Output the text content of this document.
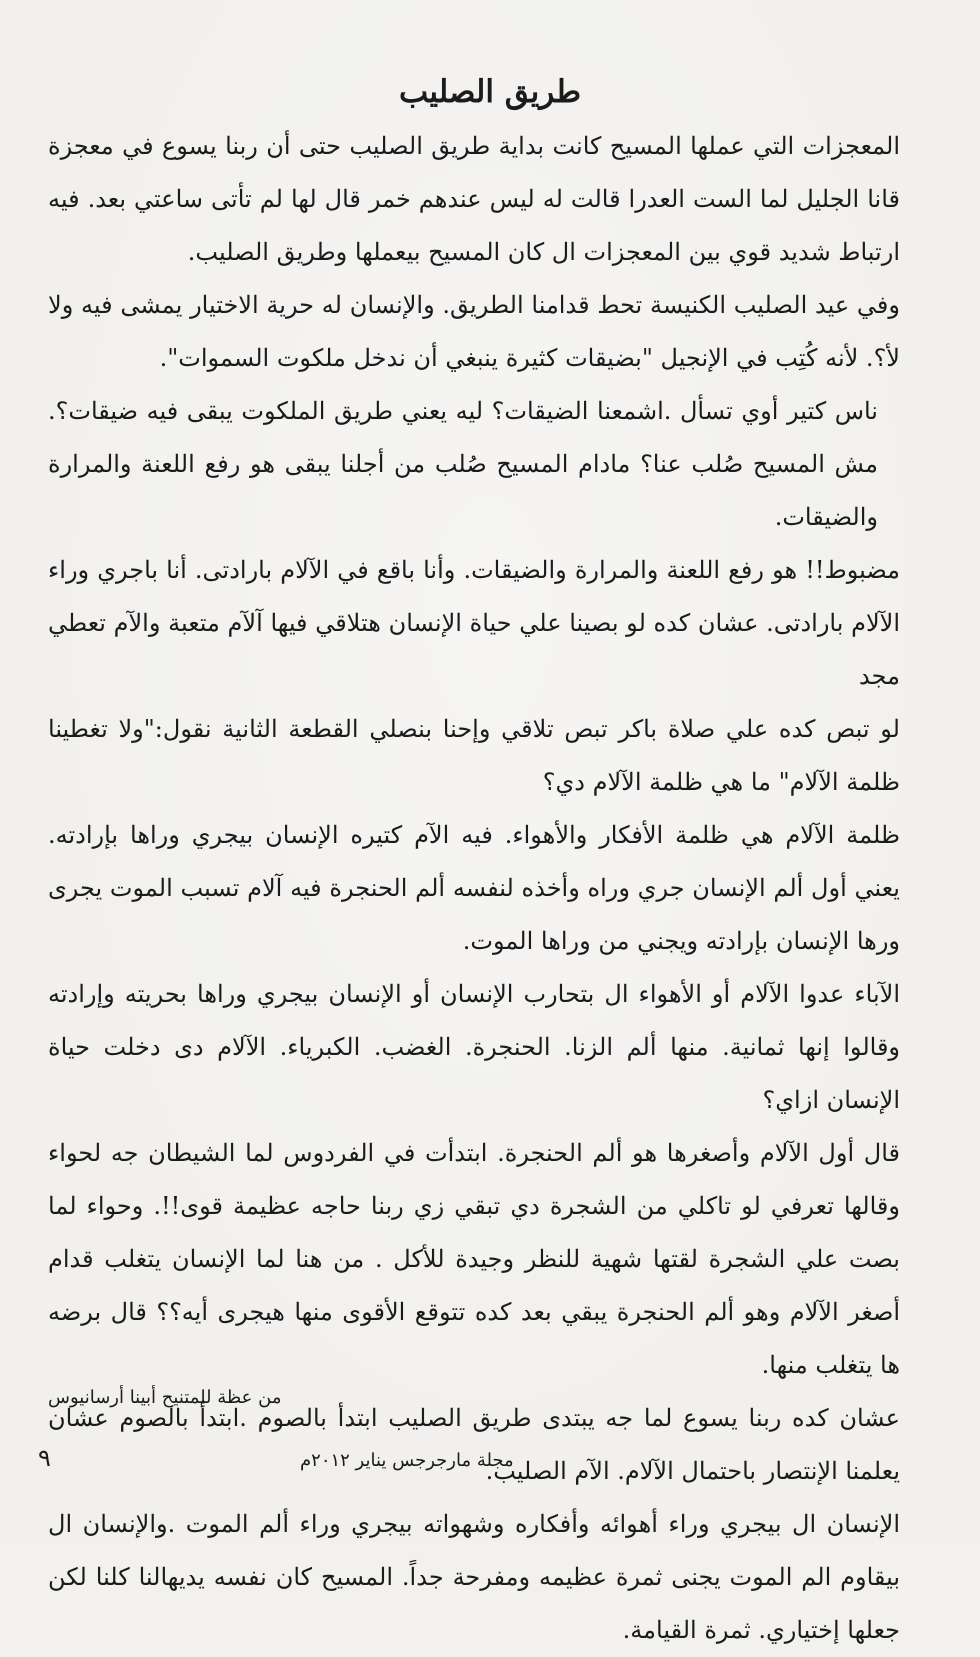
طريق الصليب

المعجزات التي عملها المسيح كانت بداية طريق الصليب حتى أن ربنا يسوع في معجزة قانا الجليل لما الست العدرا قالت له ليس عندهم خمر قال لها لم تأتى ساعتي بعد. فيه ارتباط شديد قوي بين المعجزات ال كان المسيح بيعملها وطريق الصليب.

وفي عيد الصليب الكنيسة تحط قدامنا الطريق. والإنسان له حرية الاختيار يمشى فيه ولا لأ؟. لأنه كُتِب في الإنجيل "بضيقات كثيرة ينبغي أن ندخل ملكوت السموات".

ناس كتير أوي تسأل .اشمعنا الضيقات؟ ليه يعني طريق الملكوت يبقى فيه ضيقات؟. مش المسيح صُلب عنا؟ مادام المسيح صُلب من أجلنا يبقى هو رفع اللعنة والمرارة والضيقات.

مضبوط!! هو رفع اللعنة والمرارة والضيقات. وأنا باقع في الآلام بارادتى. أنا باجري وراء الآلام بارادتى. عشان كده لو بصينا علي حياة الإنسان هتلاقي فيها آلآم متعبة والآم تعطي مجد

لو تبص كده علي صلاة باكر تبص تلاقي وإحنا بنصلي القطعة الثانية نقول:"ولا تغطينا ظلمة الآلام" ما هي ظلمة الآلام دي؟

ظلمة الآلام هي ظلمة الأفكار والأهواء. فيه الآم كتيره الإنسان بيجري وراها بإرادته. يعني أول ألم الإنسان جري وراه وأخذه لنفسه ألم الحنجرة فيه آلام تسبب الموت يجرى ورها الإنسان بإرادته ويجني من وراها الموت.

الآباء عدوا الآلام أو الأهواء ال بتحارب الإنسان أو الإنسان بيجري وراها بحريته وإرادته وقالوا إنها ثمانية. منها ألم الزنا. الحنجرة. الغضب. الكبرياء. الآلام دى دخلت حياة الإنسان ازاي؟

قال أول الآلام وأصغرها هو ألم الحنجرة. ابتدأت في الفردوس لما الشيطان جه لحواء وقالها تعرفي لو تاكلي من الشجرة دي تبقي زي ربنا حاجه عظيمة قوى!!. وحواء لما بصت علي الشجرة لقتها شهية للنظر وجيدة للأكل . من هنا لما الإنسان يتغلب قدام أصغر الآلام وهو ألم الحنجرة يبقي بعد كده تتوقع الأقوى منها هيجرى أيه؟؟ قال برضه ها يتغلب منها.

عشان كده ربنا يسوع لما جه يبتدى طريق الصليب ابتدأ بالصوم .ابتدأ بالصوم عشان يعلمنا الإنتصار باحتمال الآلام. الآم الصليب.

الإنسان ال بيجري وراء أهوائه وأفكاره وشهواته بيجري وراء ألم الموت .والإنسان ال بيقاوم الم الموت يجنى ثمرة عظيمه ومفرحة جداً. المسيح كان نفسه يديهالنا كلنا لكن جعلها إختياري. ثمرة القيامة.

من عظة للمتنيح أبينا أرسانيوس
٩	مجلة مارجرجس يناير ٢٠١٢م
